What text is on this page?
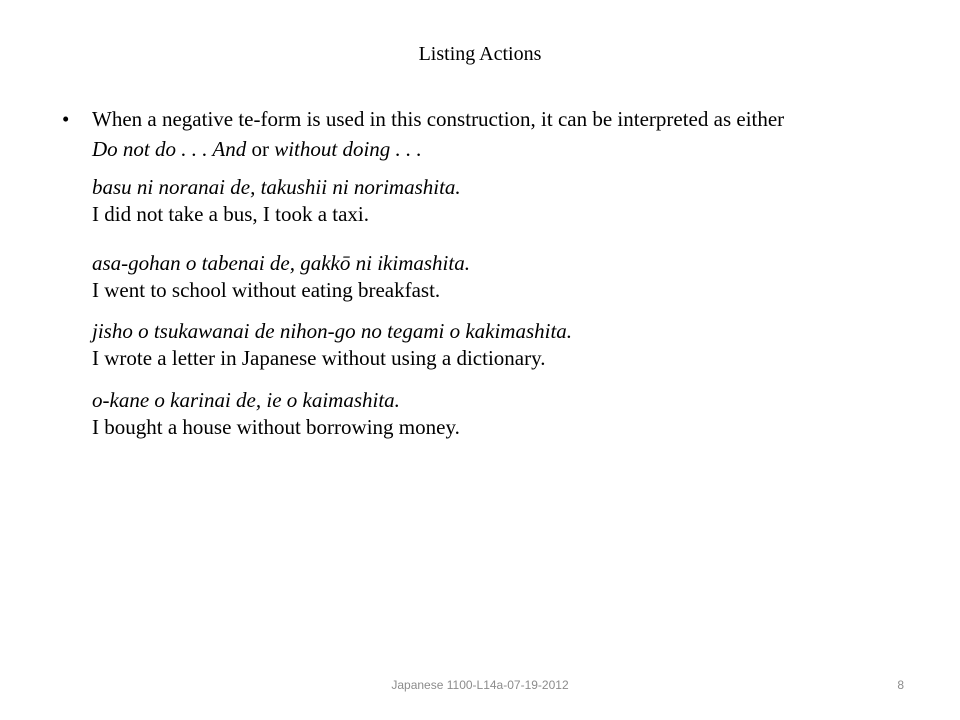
Listing Actions
•	When a negative te-form is used in this construction, it can be interpreted as either
Do not do . . . And or without doing . . .
basu ni noranai de, takushii ni norimashita.
I did not take a bus, I took a taxi.
asa-gohan o tabenai de, gakkō ni ikimashita.
I went to school without eating breakfast.
jisho o tsukawanai de nihon-go no tegami o kakimashita.
I wrote a letter in Japanese without using a dictionary.
o-kane o karinai de, ie o kaimashita.
I bought a house without borrowing money.
Japanese 1100-L14a-07-19-2012	8
